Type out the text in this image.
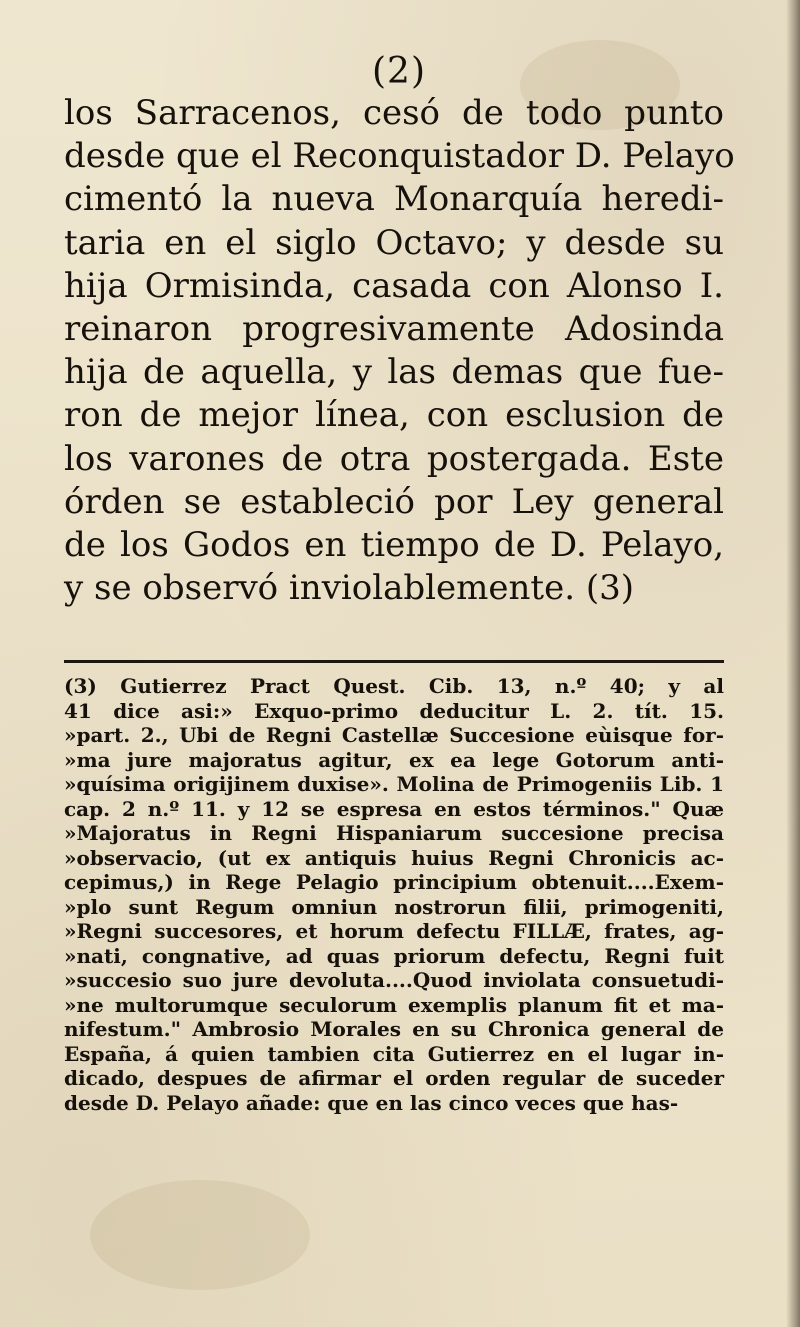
(2)
los Sarracenos, cesó de todo punto
desde que el Reconquistador D. Pelayo
cimentó la nueva Monarquía heredi-
taria en el siglo Octavo; y desde su
hija Ormisinda, casada con Alonso I.
reinaron progresivamente Adosinda
hija de aquella, y las demas que fue-
ron de mejor línea, con esclusion de
los varones de otra postergada. Este
órden se estableció por Ley general
de los Godos en tiempo de D. Pelayo,
y se observó inviolablemente. (3)
(3) Gutierrez Pract Quest. Cib. 13, n.º 40; y al
41 dice asi:» Exquo-primo deducitur L. 2. tít. 15.
»part. 2., Ubi de Regni Castellæ Succesione eùisque for-
»ma jure majoratus agitur, ex ea lege Gotorum anti-
»quísima origijinem duxise». Molina de Primogeniis Lib. 1
cap. 2 n.º 11. y 12 se espresa en estos términos." Quæ
»Majoratus in Regni Hispaniarum succesione precisa
»observacio, (ut ex antiquis huius Regni Chronicis ac-
cepimus,) in Rege Pelagio principium obtenuit....Exem-
»plo sunt Regum omniun nostrorun filii, primogeniti,
»Regni succesores, et horum defectu FILLÆ, frates, ag-
»nati, congnative, ad quas priorum defectu, Regni fuit
»succesio suo jure devoluta....Quod inviolata consuetudi-
»ne multorumque seculorum exemplis planum fit et ma-
nifestum." Ambrosio Morales en su Chronica general de
España, á quien tambien cita Gutierrez en el lugar in-
dicado, despues de afirmar el orden regular de suceder
desde D. Pelayo añade: que en las cinco veces que has-
